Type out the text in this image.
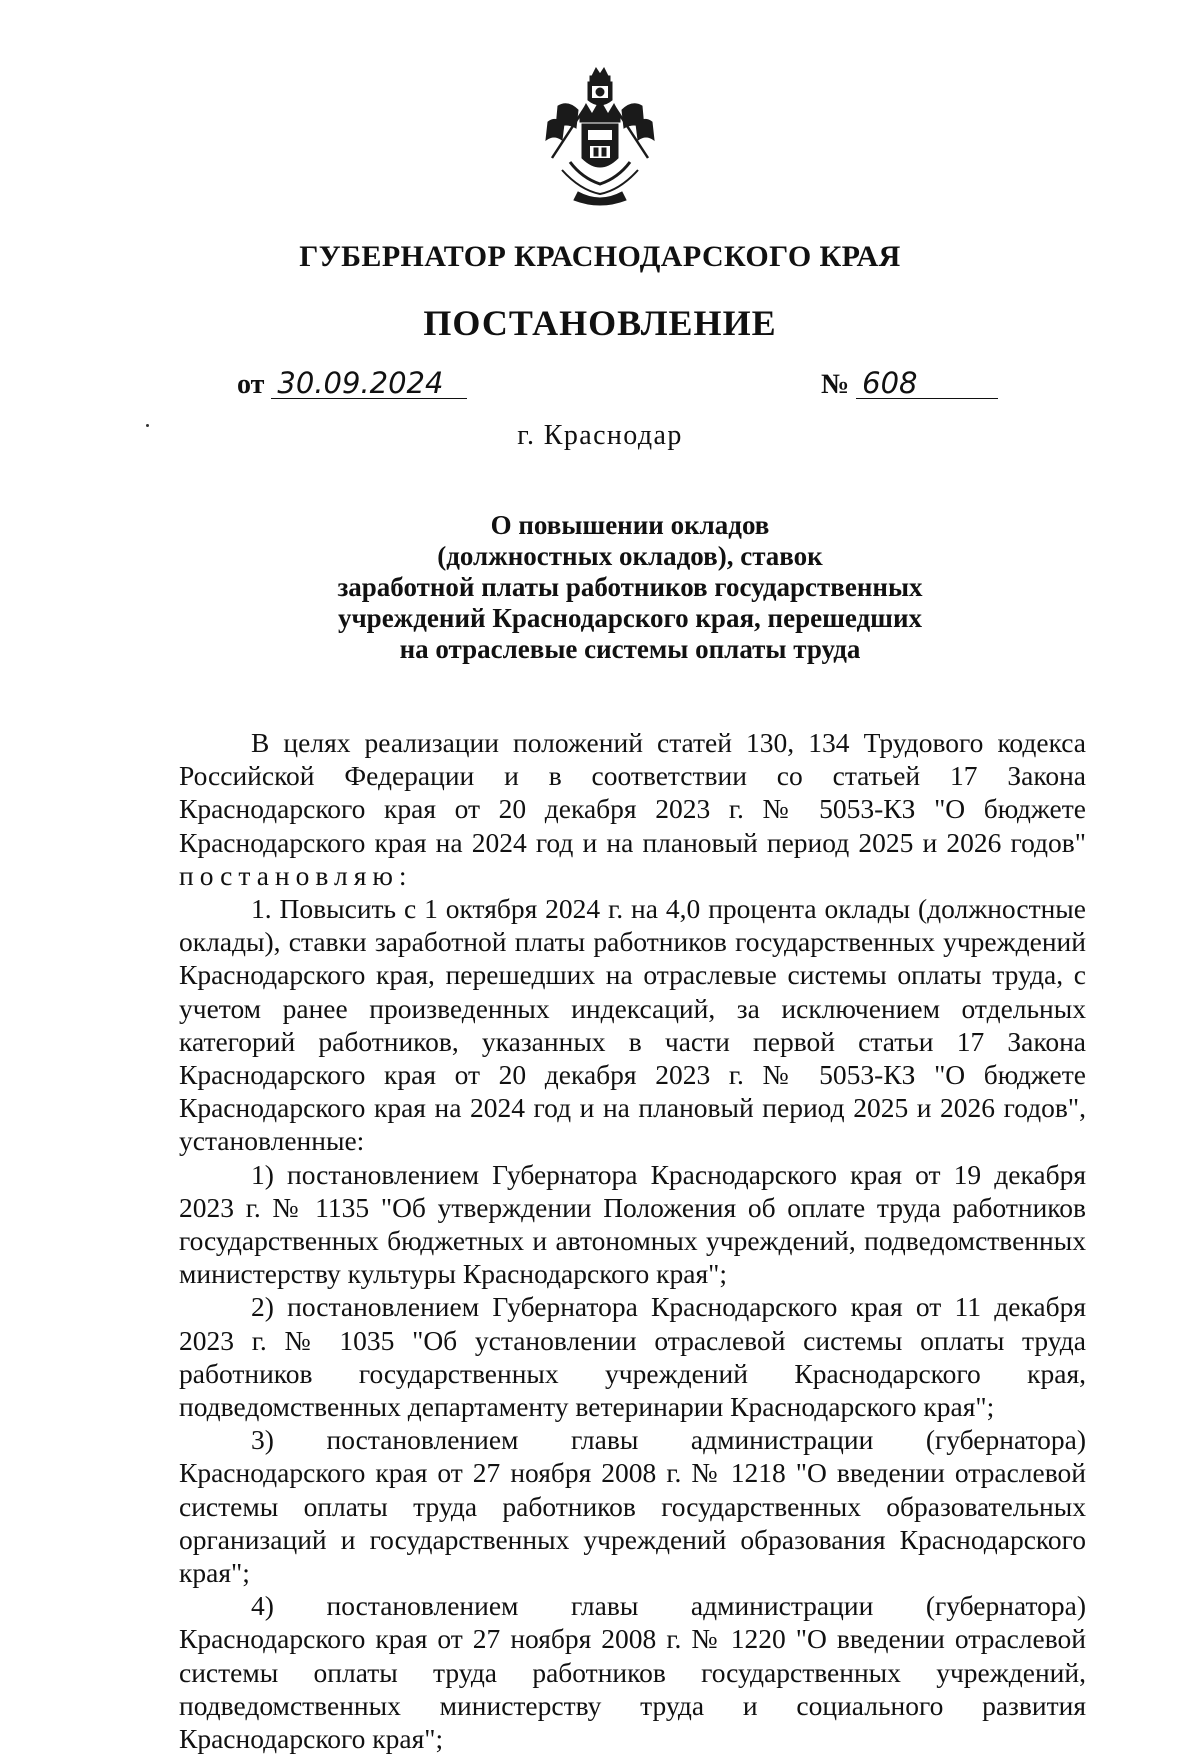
ГУБЕРНАТОР КРАСНОДАРСКОГО КРАЯ
ПОСТАНОВЛЕНИЕ
от 30.09.2024	№ 608
г. Краснодар
О повышении окладов
(должностных окладов), ставок
заработной платы работников государственных
учреждений Краснодарского края, перешедших
на отраслевые системы оплаты труда

В целях реализации положений статей 130, 134 Трудового кодекса Российской Федерации и в соответствии со статьей 17 Закона Краснодарского края от 20 декабря 2023 г. № 5053-КЗ "О бюджете Краснодарского края на 2024 год и на плановый период 2025 и 2026 годов" постановляю:

1. Повысить с 1 октября 2024 г. на 4,0 процента оклады (должностные оклады), ставки заработной платы работников государственных учреждений Краснодарского края, перешедших на отраслевые системы оплаты труда, с учетом ранее произведенных индексаций, за исключением отдельных категорий работников, указанных в части первой статьи 17 Закона Краснодарского края от 20 декабря 2023 г. № 5053-КЗ "О бюджете Краснодарского края на 2024 год и на плановый период 2025 и 2026 годов", установленные:

1) постановлением Губернатора Краснодарского края от 19 декабря 2023 г. № 1135 "Об утверждении Положения об оплате труда работников государственных бюджетных и автономных учреждений, подведомственных министерству культуры Краснодарского края";

2) постановлением Губернатора Краснодарского края от 11 декабря 2023 г. № 1035 "Об установлении отраслевой системы оплаты труда работников государственных учреждений Краснодарского края, подведомственных департаменту ветеринарии Краснодарского края";

3) постановлением главы администрации (губернатора) Краснодарского края от 27 ноября 2008 г. № 1218 "О введении отраслевой системы оплаты труда работников государственных образовательных организаций и государственных учреждений образования Краснодарского края";

4) постановлением главы администрации (губернатора) Краснодарского края от 27 ноября 2008 г. № 1220 "О введении отраслевой системы оплаты труда работников государственных учреждений, подведомственных министерству труда и социального развития Краснодарского края";
